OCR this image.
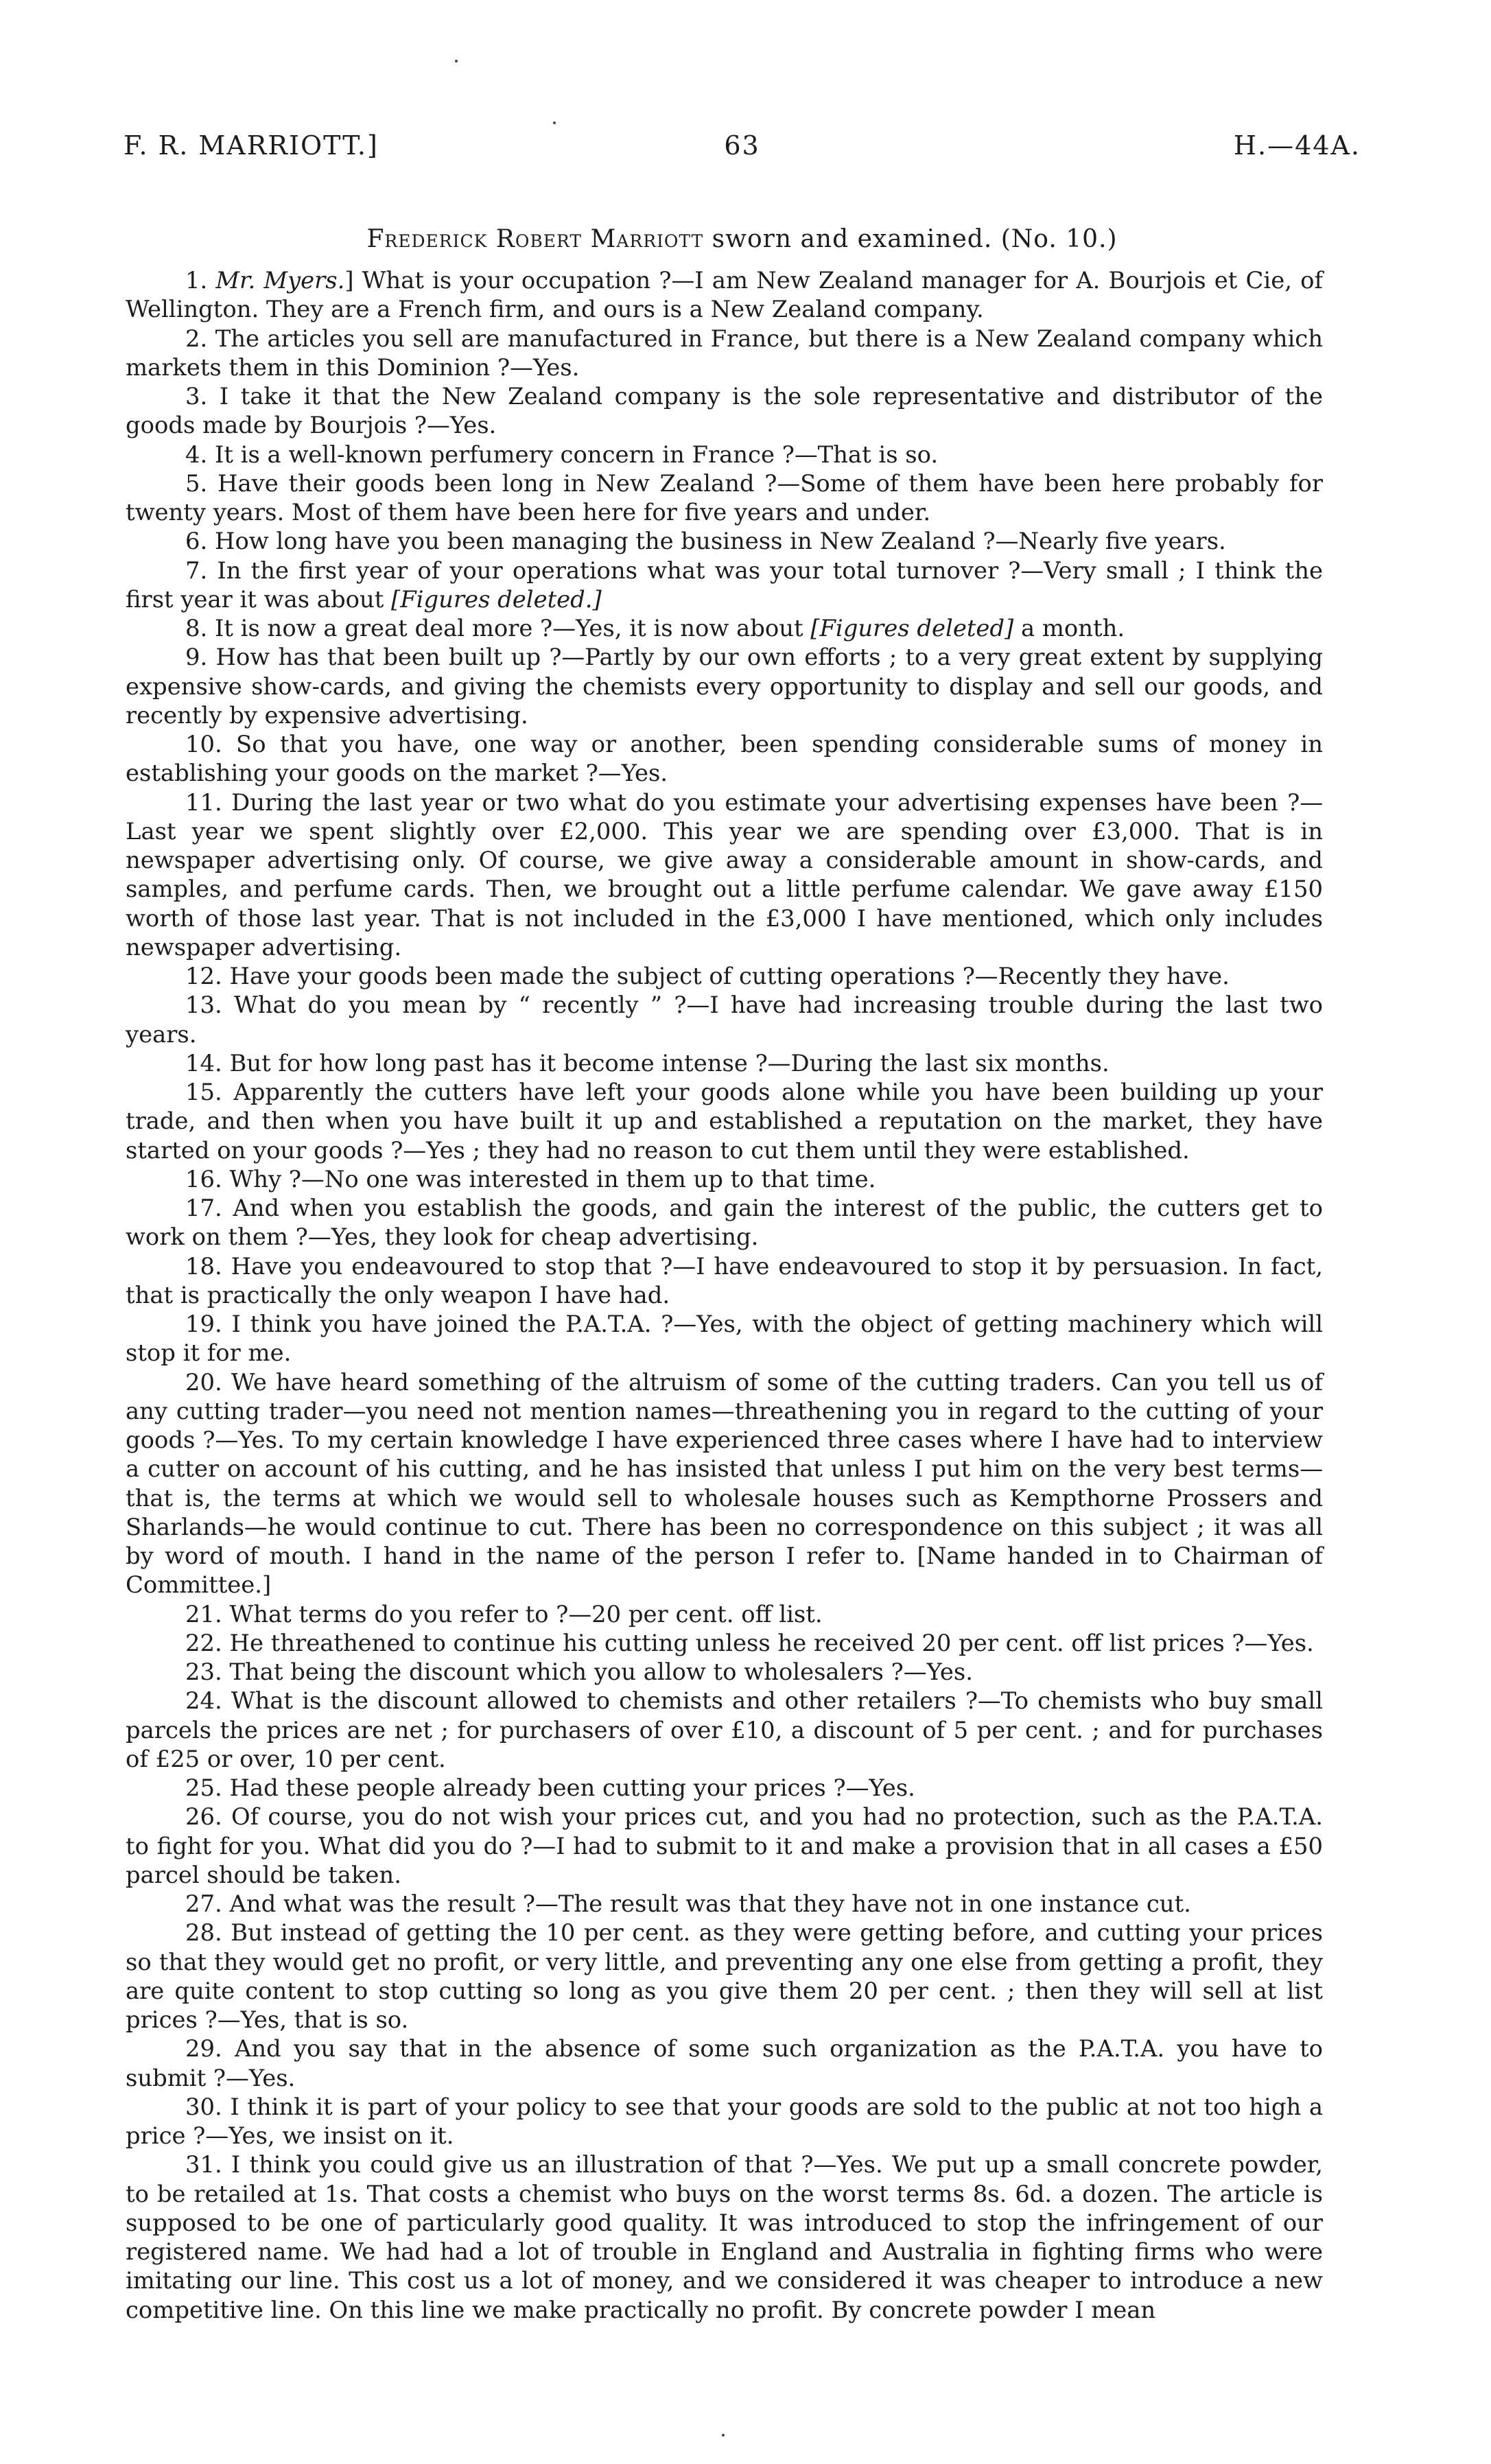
F. R. MARRIOTT.]	63	H.—44A.
Frederick Robert Marriott sworn and examined. (No. 10.)

1. Mr. Myers.] What is your occupation ?—I am New Zealand manager for A. Bourjois et Cie, of Wellington. They are a French firm, and ours is a New Zealand company.

2. The articles you sell are manufactured in France, but there is a New Zealand company which markets them in this Dominion ?—Yes.

3. I take it that the New Zealand company is the sole representative and distributor of the goods made by Bourjois ?—Yes.

4. It is a well-known perfumery concern in France ?—That is so.

5. Have their goods been long in New Zealand ?—Some of them have been here probably for twenty years. Most of them have been here for five years and under.

6. How long have you been managing the business in New Zealand ?—Nearly five years.

7. In the first year of your operations what was your total turnover ?—Very small ; I think the first year it was about [Figures deleted.]

8. It is now a great deal more ?—Yes, it is now about [Figures deleted] a month.

9. How has that been built up ?—Partly by our own efforts ; to a very great extent by supplying expensive show-cards, and giving the chemists every opportunity to display and sell our goods, and recently by expensive advertising.

10. So that you have, one way or another, been spending considerable sums of money in establishing your goods on the market ?—Yes.

11. During the last year or two what do you estimate your advertising expenses have been ?—Last year we spent slightly over £2,000. This year we are spending over £3,000. That is in newspaper advertising only. Of course, we give away a considerable amount in show-cards, and samples, and perfume cards. Then, we brought out a little perfume calendar. We gave away £150 worth of those last year. That is not included in the £3,000 I have mentioned, which only includes newspaper advertising.

12. Have your goods been made the subject of cutting operations ?—Recently they have.

13. What do you mean by “ recently ” ?—I have had increasing trouble during the last two years.

14. But for how long past has it become intense ?—During the last six months.

15. Apparently the cutters have left your goods alone while you have been building up your trade, and then when you have built it up and established a reputation on the market, they have started on your goods ?—Yes ; they had no reason to cut them until they were established.

16. Why ?—No one was interested in them up to that time.

17. And when you establish the goods, and gain the interest of the public, the cutters get to work on them ?—Yes, they look for cheap advertising.

18. Have you endeavoured to stop that ?—I have endeavoured to stop it by persuasion. In fact, that is practically the only weapon I have had.

19. I think you have joined the P.A.T.A. ?—Yes, with the object of getting machinery which will stop it for me.

20. We have heard something of the altruism of some of the cutting traders. Can you tell us of any cutting trader—you need not mention names—threathening you in regard to the cutting of your goods ?—Yes. To my certain knowledge I have experienced three cases where I have had to interview a cutter on account of his cutting, and he has insisted that unless I put him on the very best terms—that is, the terms at which we would sell to wholesale houses such as Kempthorne Prossers and Sharlands—he would continue to cut. There has been no correspondence on this subject ; it was all by word of mouth. I hand in the name of the person I refer to. [Name handed in to Chairman of Committee.]

21. What terms do you refer to ?—20 per cent. off list.

22. He threathened to continue his cutting unless he received 20 per cent. off list prices ?—Yes.

23. That being the discount which you allow to wholesalers ?—Yes.

24. What is the discount allowed to chemists and other retailers ?—To chemists who buy small parcels the prices are net ; for purchasers of over £10, a discount of 5 per cent. ; and for purchases of £25 or over, 10 per cent.

25. Had these people already been cutting your prices ?—Yes.

26. Of course, you do not wish your prices cut, and you had no protection, such as the P.A.T.A. to fight for you. What did you do ?—I had to submit to it and make a provision that in all cases a £50 parcel should be taken.

27. And what was the result ?—The result was that they have not in one instance cut.

28. But instead of getting the 10 per cent. as they were getting before, and cutting your prices so that they would get no profit, or very little, and preventing any one else from getting a profit, they are quite content to stop cutting so long as you give them 20 per cent. ; then they will sell at list prices ?—Yes, that is so.

29. And you say that in the absence of some such organization as the P.A.T.A. you have to submit ?—Yes.

30. I think it is part of your policy to see that your goods are sold to the public at not too high a price ?—Yes, we insist on it.

31. I think you could give us an illustration of that ?—Yes. We put up a small concrete powder, to be retailed at 1s. That costs a chemist who buys on the worst terms 8s. 6d. a dozen. The article is supposed to be one of particularly good quality. It was introduced to stop the infringement of our registered name. We had had a lot of trouble in England and Australia in fighting firms who were imitating our line. This cost us a lot of money, and we considered it was cheaper to introduce a new competitive line. On this line we make practically no profit. By concrete powder I mean
